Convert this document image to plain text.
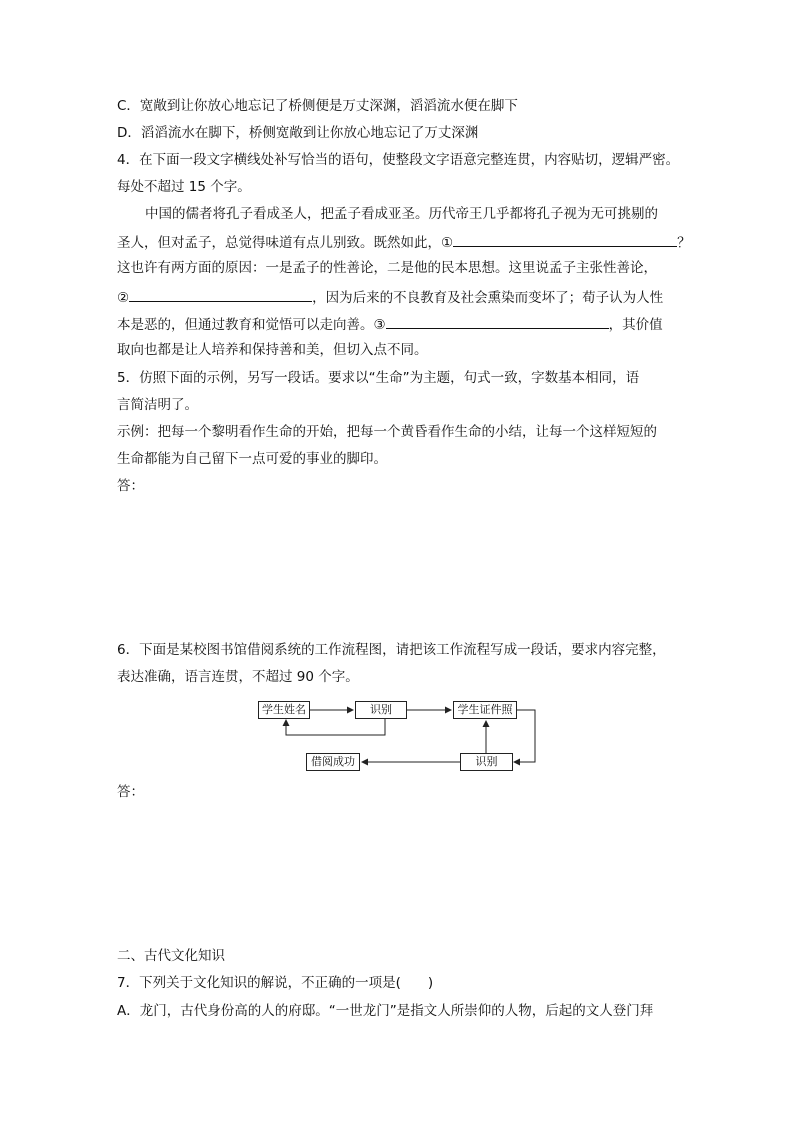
C．宽敞到让你放心地忘记了桥侧便是万丈深渊，滔滔流水便在脚下
D．滔滔流水在脚下，桥侧宽敞到让你放心地忘记了万丈深渊
4．在下面一段文字横线处补写恰当的语句，使整段文字语意完整连贯，内容贴切，逻辑严密。
每处不超过 15 个字。
中国的儒者将孔子看成圣人，把孟子看成亚圣。历代帝王几乎都将孔子视为无可挑剔的
圣人，但对孟子，总觉得味道有点儿别致。既然如此，①	？
这也许有两方面的原因：一是孟子的性善论，二是他的民本思想。这里说孟子主张性善论，
②	，因为后来的不良教育及社会熏染而变坏了；荀子认为人性
本是恶的，但通过教育和觉悟可以走向善。③	，其价值
取向也都是让人培养和保持善和美，但切入点不同。
5．仿照下面的示例，另写一段话。要求以“生命”为主题，句式一致，字数基本相同，语
言简洁明了。
示例：把每一个黎明看作生命的开始，把每一个黄昏看作生命的小结，让每一个这样短短的
生命都能为自己留下一点可爱的事业的脚印。
答：
6．下面是某校图书馆借阅系统的工作流程图，请把该工作流程写成一段话，要求内容完整，
表达准确，语言连贯，不超过 90 个字。
学生姓名	识别	学生证件照
识别
借阅成功
答：
二、古代文化知识
7．下列关于文化知识的解说，不正确的一项是(　　)
A．龙门，古代身份高的人的府邸。“一世龙门”是指文人所崇仰的人物，后起的文人登门拜
